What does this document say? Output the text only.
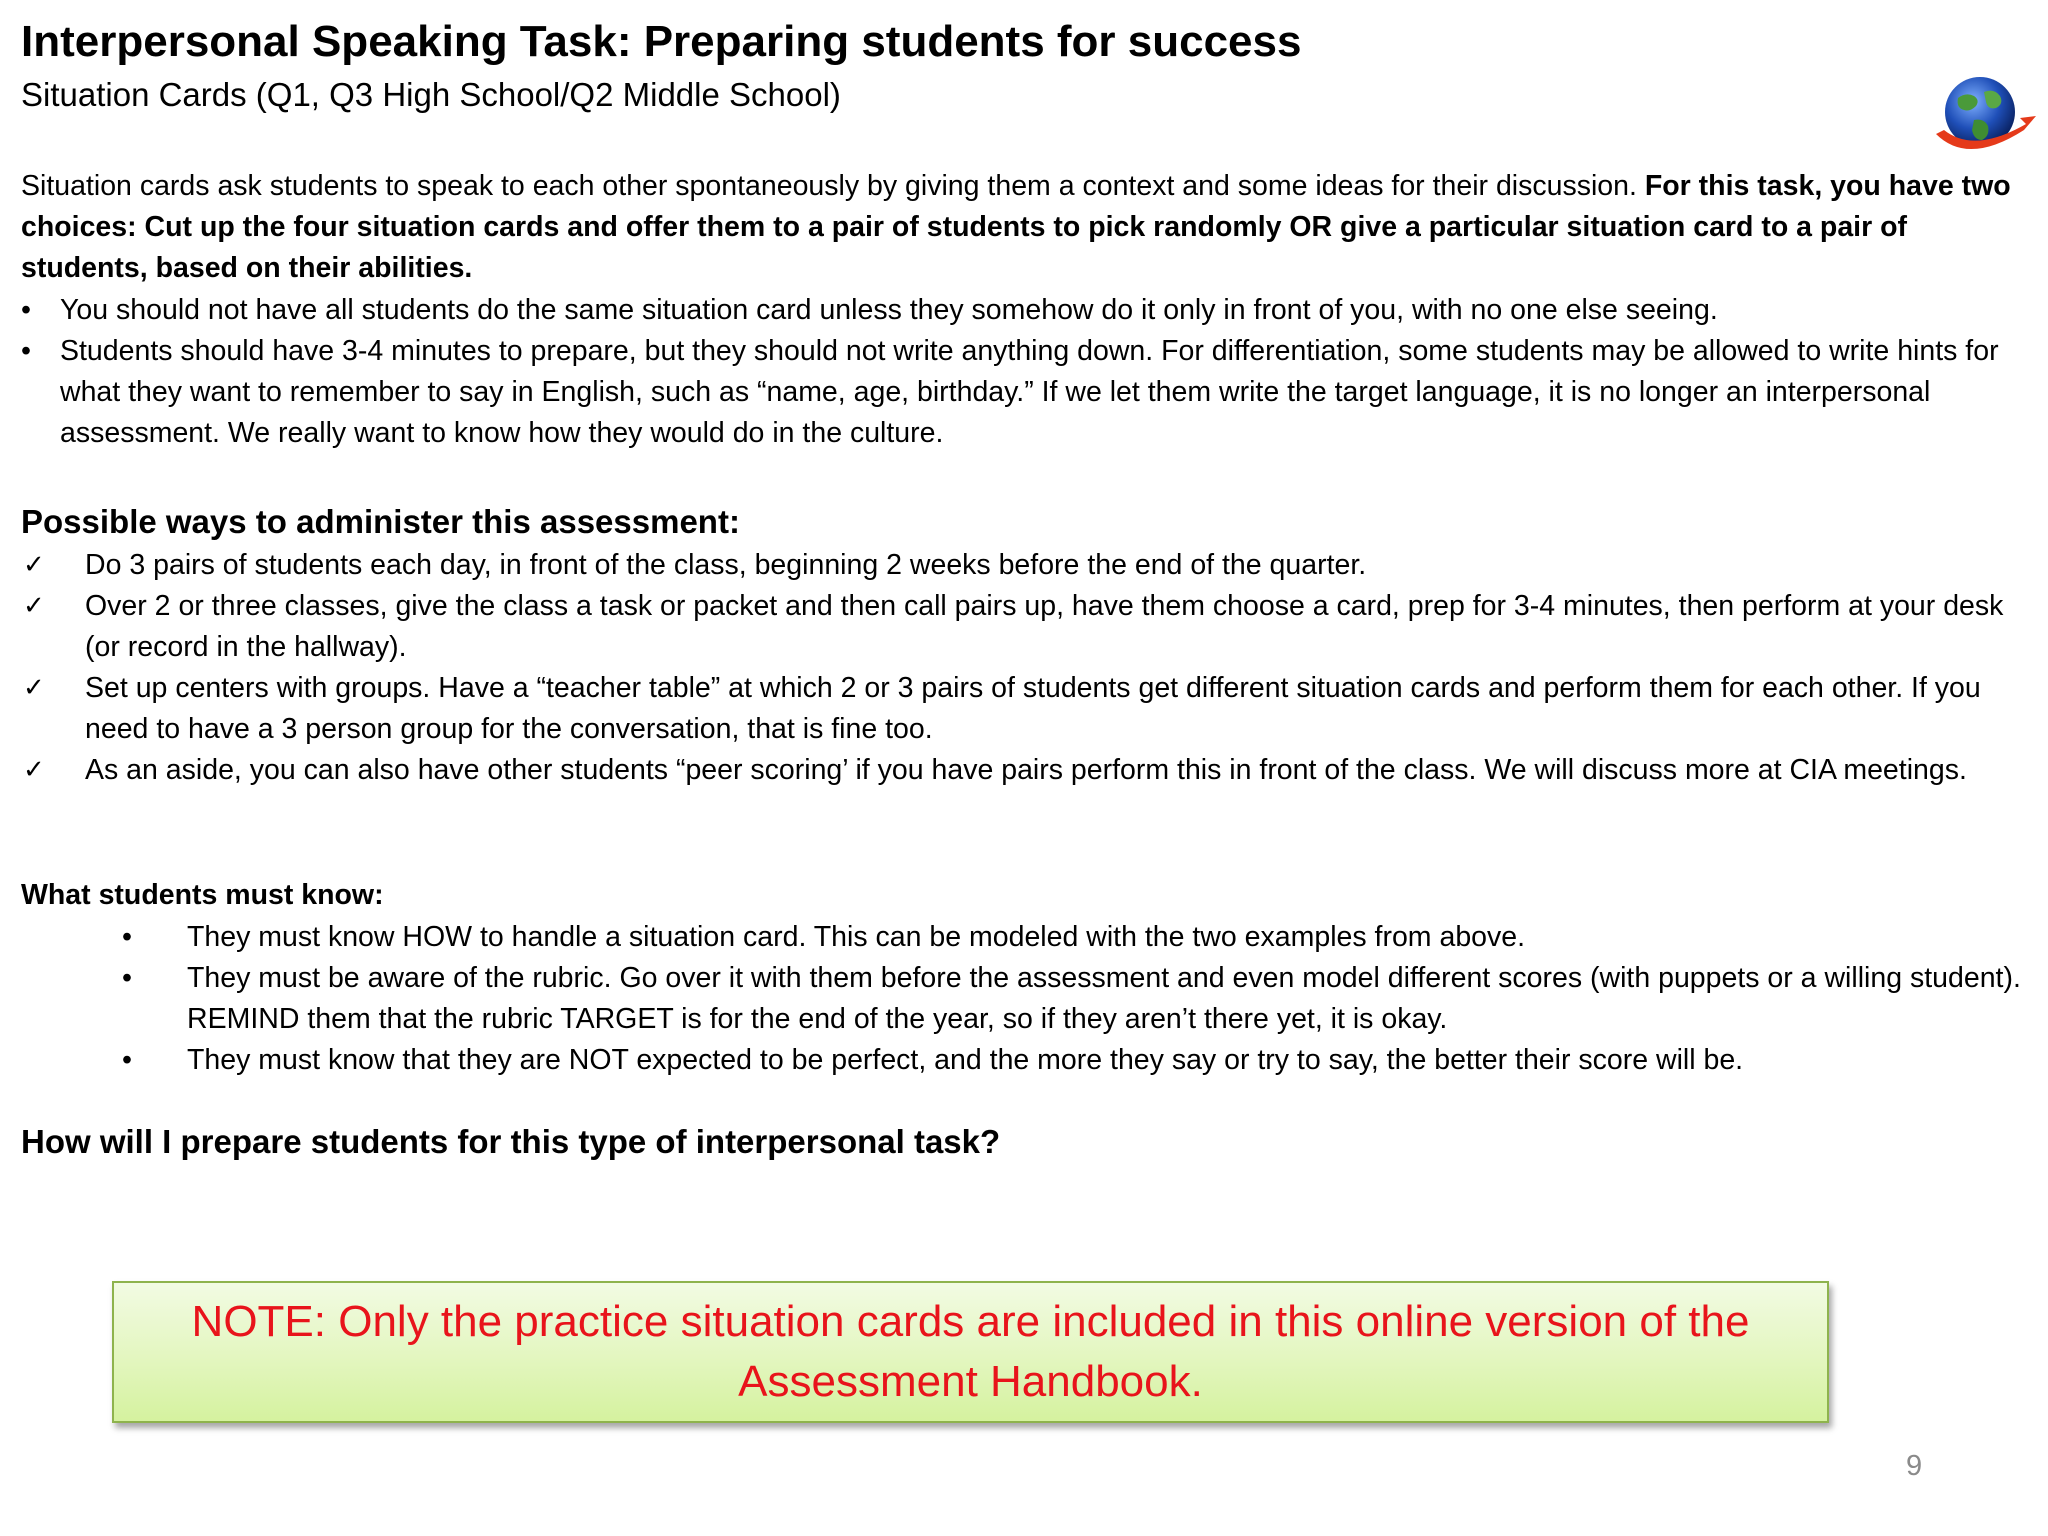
Interpersonal Speaking Task: Preparing students for success
Situation Cards (Q1, Q3 High School/Q2 Middle School)
Situation cards ask students to speak to each other spontaneously by giving them a context and some ideas for their discussion. For this task, you have two choices: Cut up the four situation cards and offer them to a pair of students to pick randomly OR give a particular situation card to a pair of students, based on their abilities.
• You should not have all students do the same situation card unless they somehow do it only in front of you, with no one else seeing.
• Students should have 3-4 minutes to prepare, but they should not write anything down. For differentiation, some students may be allowed to write hints for what they want to remember to say in English, such as “name, age, birthday.” If we let them write the target language, it is no longer an interpersonal assessment. We really want to know how they would do in the culture.
Possible ways to administer this assessment:
✓ Do 3 pairs of students each day, in front of the class, beginning 2 weeks before the end of the quarter.
✓ Over 2 or three classes, give the class a task or packet and then call pairs up, have them choose a card, prep for 3-4 minutes, then perform at your desk (or record in the hallway).
✓ Set up centers with groups. Have a “teacher table” at which 2 or 3 pairs of students get different situation cards and perform them for each other. If you need to have a 3 person group for the conversation, that is fine too.
✓ As an aside, you can also have other students “peer scoring’ if you have pairs perform this in front of the class. We will discuss more at CIA meetings.
What students must know:
• They must know HOW to handle a situation card. This can be modeled with the two examples from above.
• They must be aware of the rubric. Go over it with them before the assessment and even model different scores (with puppets or a willing student). REMIND them that the rubric TARGET is for the end of the year, so if they aren’t there yet, it is okay.
• They must know that they are NOT expected to be perfect, and the more they say or try to say, the better their score will be.
How will I prepare students for this type of interpersonal task?
NOTE: Only the practice situation cards are included in this online version of the Assessment Handbook.
9
